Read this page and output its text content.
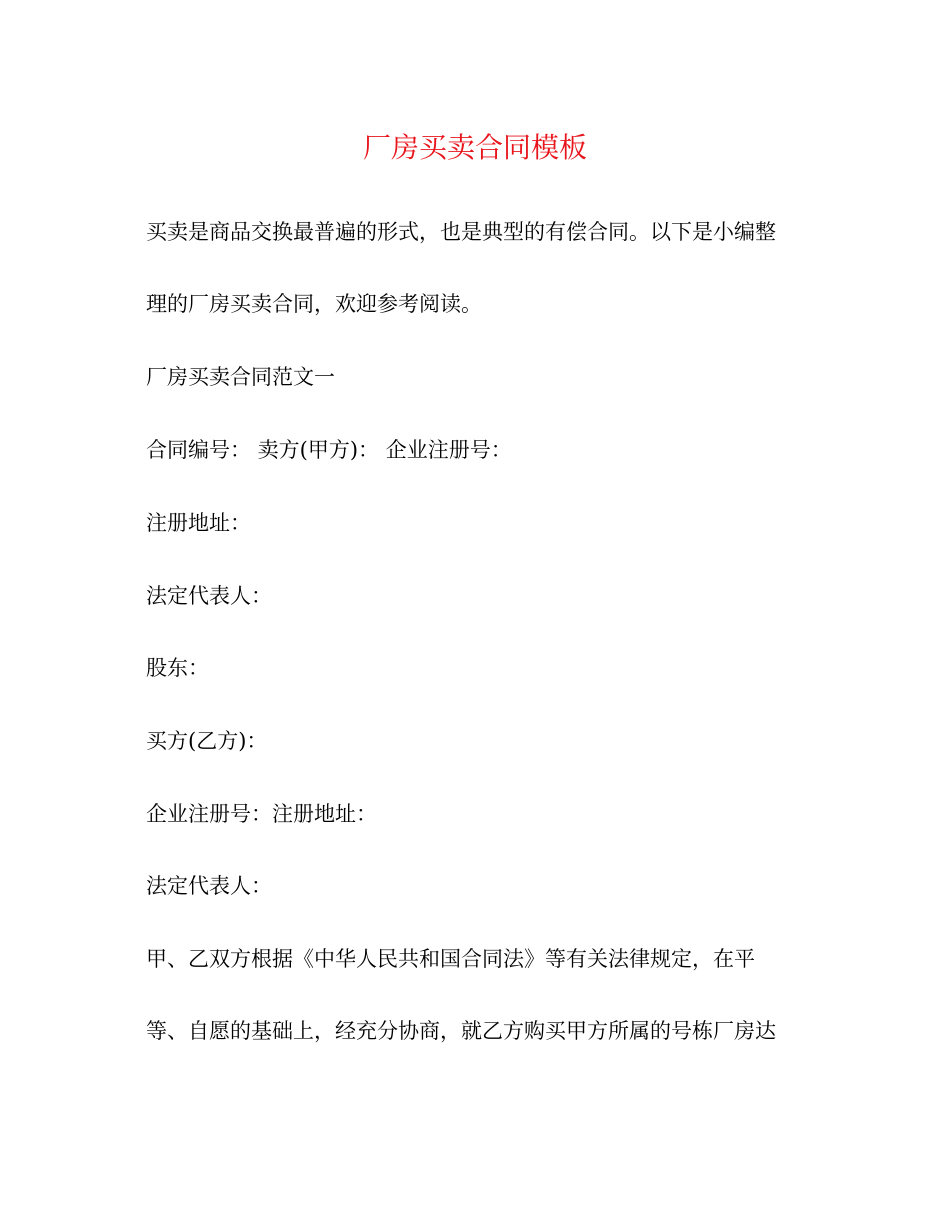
厂房买卖合同模板

买卖是商品交换最普遍的形式，也是典型的有偿合同。以下是小编整

理的厂房买卖合同，欢迎参考阅读。

厂房买卖合同范文一

合同编号： 卖方(甲方)： 企业注册号：

注册地址：

法定代表人：

股东：

买方(乙方)：

企业注册号：注册地址：

法定代表人：

甲、乙双方根据《中华人民共和国合同法》等有关法律规定，在平

等、自愿的基础上，经充分协商，就乙方购买甲方所属的号栋厂房达
